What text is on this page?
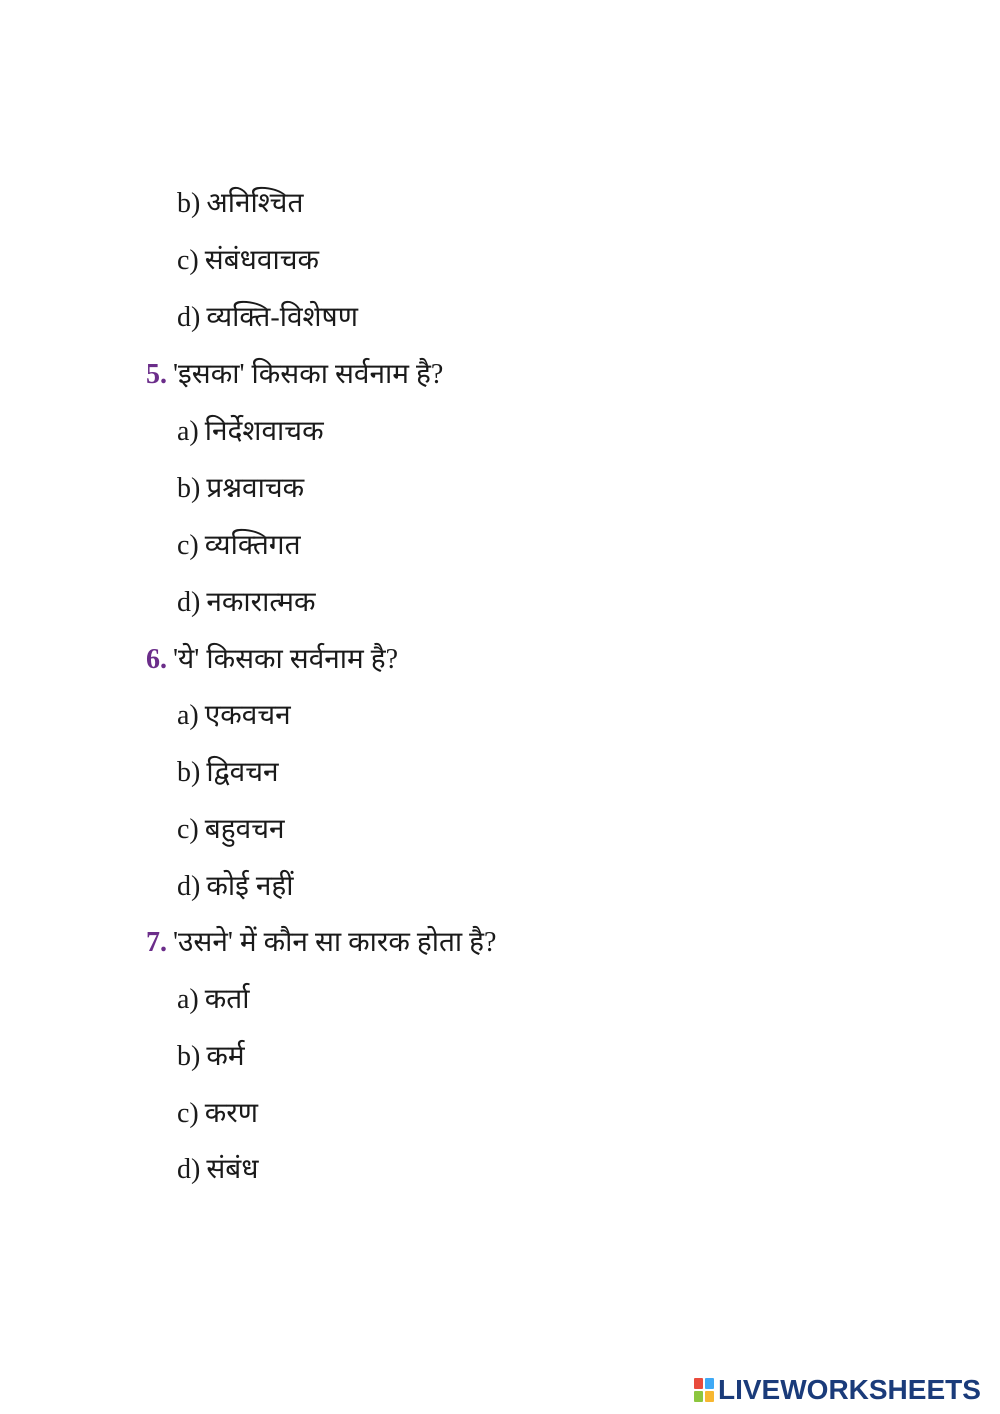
b) अनिश्चित
c) संबंधवाचक
d) व्यक्ति-विशेषण
5. 'इसका' किसका सर्वनाम है?
a) निर्देशवाचक
b) प्रश्नवाचक
c) व्यक्तिगत
d) नकारात्मक
6. 'ये' किसका सर्वनाम है?
a) एकवचन
b) द्विवचन
c) बहुवचन
d) कोई नहीं
7. 'उसने' में कौन सा कारक होता है?
a) कर्ता
b) कर्म
c) करण
d) संबंध
LIVEWORKSHEETS
